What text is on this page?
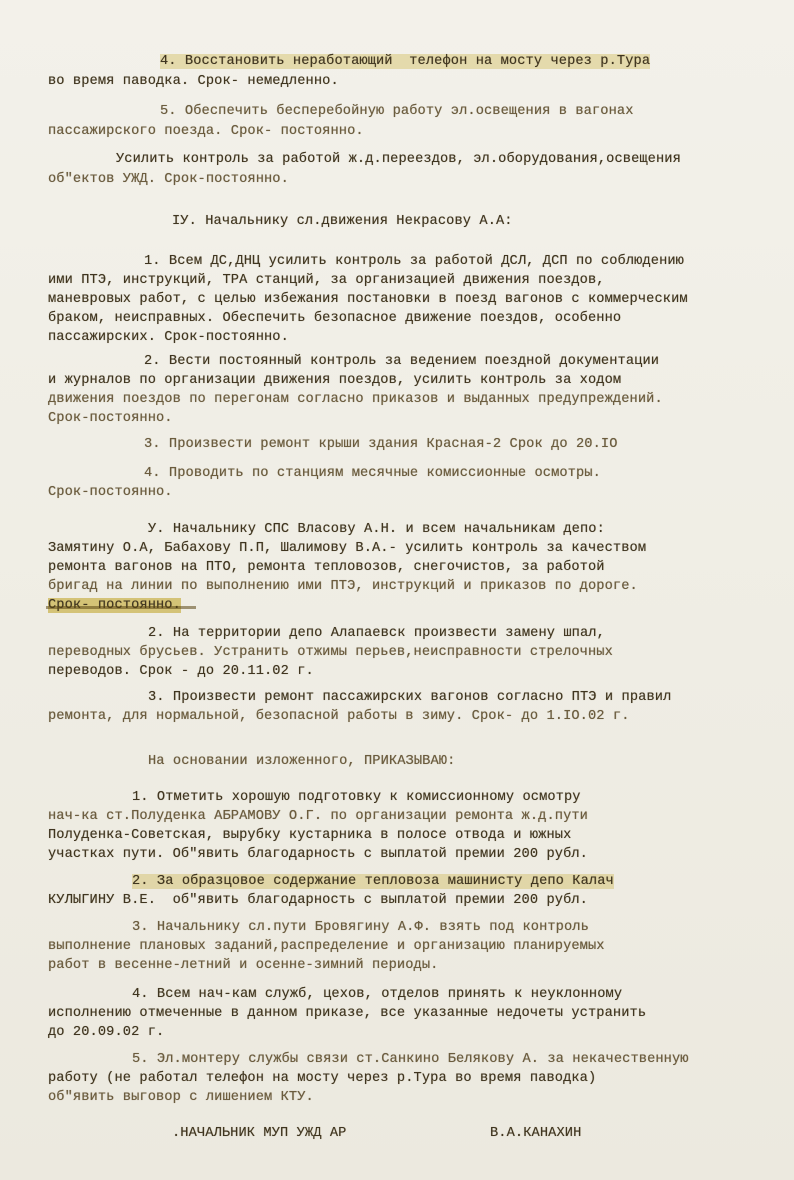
4. Восстановить неработающий  телефон на мосту через р.Тура
во время паводка. Срок- немедленно.
5. Обеспечить бесперебойную работу эл.освещения в вагонах
пассажирского поезда. Срок- постоянно.
Усилить контроль за работой ж.д.переездов, эл.оборудования,освещения
об"ектов УЖД. Срок-постоянно.
IУ. Начальнику сл.движения Некрасову А.А:
1. Всем ДС,ДНЦ усилить контроль за работой ДСЛ, ДСП по соблюдению
ими ПТЭ, инструкций, ТРА станций, за организацией движения поездов,
маневровых работ, с целью избежания постановки в поезд вагонов с коммерческим
браком, неисправных. Обеспечить безопасное движение поездов, особенно
пассажирских. Срок-постоянно.
2. Вести постоянный контроль за ведением поездной документации
и журналов по организации движения поездов, усилить контроль за ходом
движения поездов по перегонам согласно приказов и выданных предупреждений.
Срок-постоянно.
3. Произвести ремонт крыши здания Красная-2 Срок до 20.IO
4. Проводить по станциям месячные комиссионные осмотры.
Срок-постоянно.
У. Начальнику СПС Власову А.Н. и всем начальникам депо:
Замятину О.А, Бабахову П.П, Шалимову В.А.- усилить контроль за качеством
ремонта вагонов на ПТО, ремонта тепловозов, снегочистов, за работой
бригад на линии по выполнению ими ПТЭ, инструкций и приказов по дороге.
2. На территории депо Алапаевск произвести замену шпал,
переводных брусьев. Устранить отжимы перьев,неисправности стрелочных
переводов. Срок - до 20.11.02 г.
3. Произвести ремонт пассажирских вагонов согласно ПТЭ и правил
ремонта, для нормальной, безопасной работы в зиму. Срок- до 1.IO.02 г.
На основании изложенного, ПРИКАЗЫВАЮ:
1. Отметить хорошую подготовку к комиссионному осмотру
нач-ка ст.Полуденка АБРАМОВУ О.Г. по организации ремонта ж.д.пути
Полуденка-Советская, вырубку кустарника в полосе отвода и южных
участках пути. Об"явить благодарность с выплатой премии 200 рубл.
2. За образцовое содержание тепловоза машинисту депо Калач
КУЛЫГИНУ В.Е.  об"явить благодарность с выплатой премии 200 рубл.
3. Начальнику сл.пути Бровягину А.Ф. взять под контроль
выполнение плановых заданий,распределение и организацию планируемых
работ в весенне-летний и осенне-зимний периоды.
4. Всем нач-кам служб, цехов, отделов принять к неуклонному
исполнению отмеченные в данном приказе, все указанные недочеты устранить
до 20.09.02 г.
5. Эл.монтеру службы связи ст.Санкино Белякову А. за некачественную
работу (не работал телефон на мосту через р.Тура во время паводка)
об"явить выговор с лишением КТУ.
.НАЧАЛЬНИК МУП УЖД АР	В.А.КАНАХИН
